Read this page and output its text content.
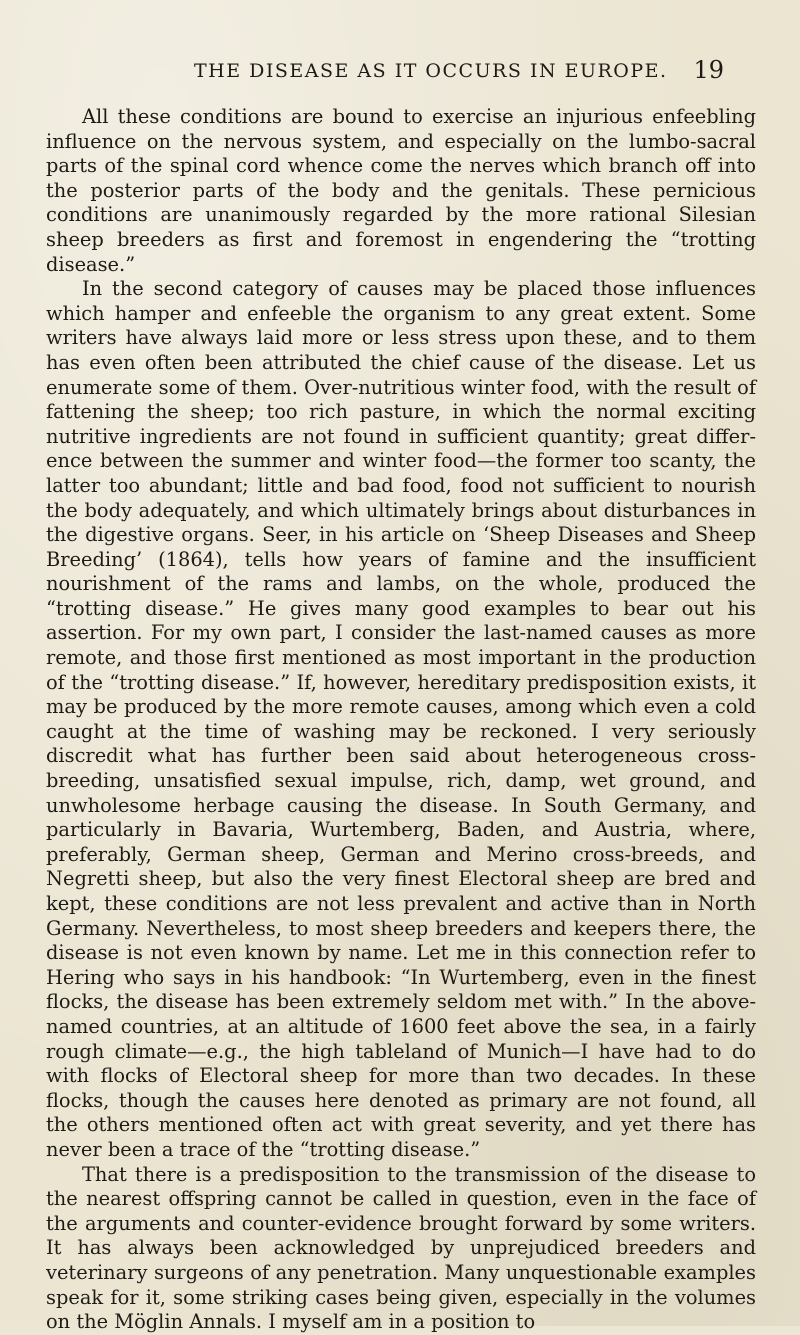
THE DISEASE AS IT OCCURS IN EUROPE. 19

All these conditions are bound to exercise an injurious enfeebling influence on the nervous system, and especially on the lumbo-sacral parts of the spinal cord whence come the nerves which branch off into the posterior parts of the body and the genitals. These pernicious conditions are unanimously regarded by the more rational Silesian sheep breeders as first and foremost in engendering the “trotting disease.”

In the second category of causes may be placed those influences which hamper and enfeeble the organism to any great extent. Some writers have always laid more or less stress upon these, and to them has even often been attributed the chief cause of the disease. Let us enumerate some of them. Over-nutritious winter food, with the result of fattening the sheep; too rich pasture, in which the normal exciting nutritive ingredients are not found in sufficient quantity; great difference between the summer and winter food—the former too scanty, the latter too abundant; little and bad food, food not sufficient to nourish the body adequately, and which ultimately brings about disturbances in the digestive organs. Seer, in his article on ‘Sheep Diseases and Sheep Breeding’ (1864), tells how years of famine and the insufficient nourishment of the rams and lambs, on the whole, produced the “trotting disease.” He gives many good examples to bear out his assertion. For my own part, I consider the last-named causes as more remote, and those first mentioned as most important in the production of the “trotting disease.” If, however, hereditary predisposition exists, it may be produced by the more remote causes, among which even a cold caught at the time of washing may be reckoned. I very seriously discredit what has further been said about heterogeneous cross-breeding, unsatisfied sexual impulse, rich, damp, wet ground, and unwholesome herbage causing the disease. In South Germany, and particularly in Bavaria, Wurtemberg, Baden, and Austria, where, preferably, German sheep, German and Merino cross-breeds, and Negretti sheep, but also the very finest Electoral sheep are bred and kept, these conditions are not less prevalent and active than in North Germany. Nevertheless, to most sheep breeders and keepers there, the disease is not even known by name. Let me in this connection refer to Hering who says in his handbook: “In Wurtemberg, even in the finest flocks, the disease has been extremely seldom met with.” In the above-named countries, at an altitude of 1600 feet above the sea, in a fairly rough climate—e.g., the high tableland of Munich—I have had to do with flocks of Electoral sheep for more than two decades. In these flocks, though the causes here denoted as primary are not found, all the others mentioned often act with great severity, and yet there has never been a trace of the “trotting disease.”

That there is a predisposition to the transmission of the disease to the nearest offspring cannot be called in question, even in the face of the arguments and counter-evidence brought forward by some writers. It has always been acknowledged by unprejudiced breeders and veterinary surgeons of any penetration. Many unquestionable examples speak for it, some striking cases being given, especially in the volumes on the Möglin Annals. I myself am in a position to
